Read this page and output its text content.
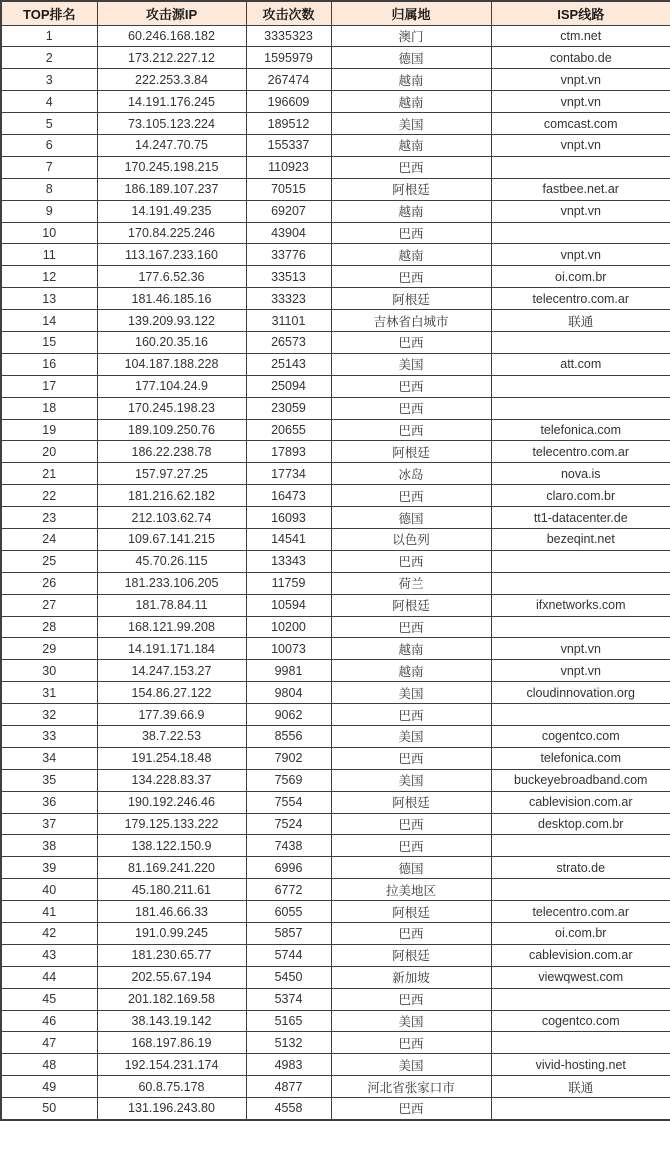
TOP排名	攻击源IP	攻击次数	归属地	ISP线路
1	60.246.168.182	3335323	澳门	ctm.net
2	173.212.227.12	1595979	德国	contabo.de
3	222.253.3.84	267474	越南	vnpt.vn
4	14.191.176.245	196609	越南	vnpt.vn
5	73.105.123.224	189512	美国	comcast.com
6	14.247.70.75	155337	越南	vnpt.vn
7	170.245.198.215	110923	巴西	
8	186.189.107.237	70515	阿根廷	fastbee.net.ar
9	14.191.49.235	69207	越南	vnpt.vn
10	170.84.225.246	43904	巴西	
11	113.167.233.160	33776	越南	vnpt.vn
12	177.6.52.36	33513	巴西	oi.com.br
13	181.46.185.16	33323	阿根廷	telecentro.com.ar
14	139.209.93.122	31101	吉林省白城市	联通
15	160.20.35.16	26573	巴西	
16	104.187.188.228	25143	美国	att.com
17	177.104.24.9	25094	巴西	
18	170.245.198.23	23059	巴西	
19	189.109.250.76	20655	巴西	telefonica.com
20	186.22.238.78	17893	阿根廷	telecentro.com.ar
21	157.97.27.25	17734	冰岛	nova.is
22	181.216.62.182	16473	巴西	claro.com.br
23	212.103.62.74	16093	德国	tt1-datacenter.de
24	109.67.141.215	14541	以色列	bezeqint.net
25	45.70.26.115	13343	巴西	
26	181.233.106.205	11759	荷兰	
27	181.78.84.11	10594	阿根廷	ifxnetworks.com
28	168.121.99.208	10200	巴西	
29	14.191.171.184	10073	越南	vnpt.vn
30	14.247.153.27	9981	越南	vnpt.vn
31	154.86.27.122	9804	美国	cloudinnovation.org
32	177.39.66.9	9062	巴西	
33	38.7.22.53	8556	美国	cogentco.com
34	191.254.18.48	7902	巴西	telefonica.com
35	134.228.83.37	7569	美国	buckeyebroadband.com
36	190.192.246.46	7554	阿根廷	cablevision.com.ar
37	179.125.133.222	7524	巴西	desktop.com.br
38	138.122.150.9	7438	巴西	
39	81.169.241.220	6996	德国	strato.de
40	45.180.211.61	6772	拉美地区	
41	181.46.66.33	6055	阿根廷	telecentro.com.ar
42	191.0.99.245	5857	巴西	oi.com.br
43	181.230.65.77	5744	阿根廷	cablevision.com.ar
44	202.55.67.194	5450	新加坡	viewqwest.com
45	201.182.169.58	5374	巴西	
46	38.143.19.142	5165	美国	cogentco.com
47	168.197.86.19	5132	巴西	
48	192.154.231.174	4983	美国	vivid-hosting.net
49	60.8.75.178	4877	河北省张家口市	联通
50	131.196.243.80	4558	巴西	
